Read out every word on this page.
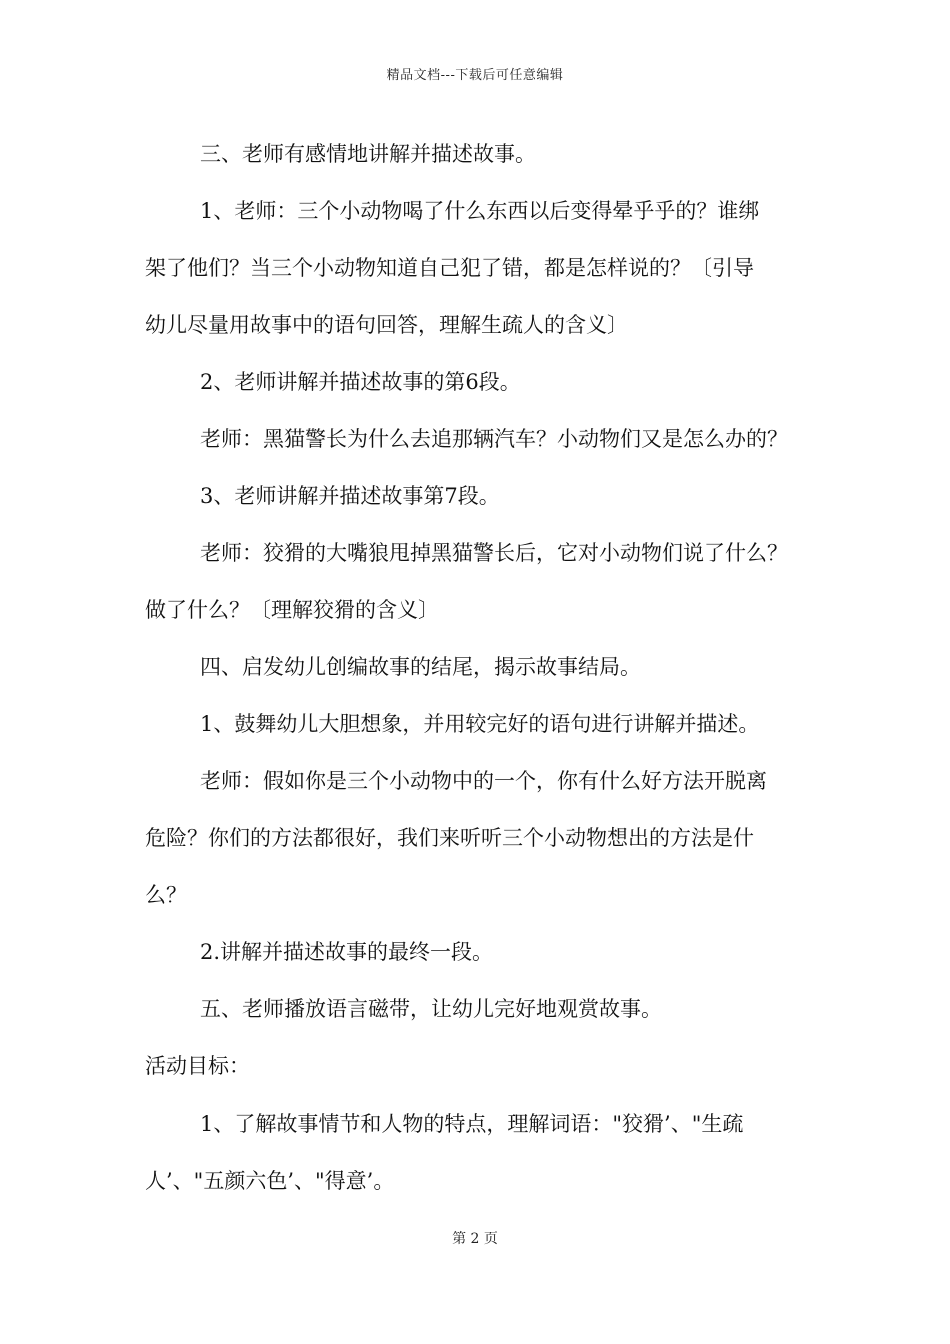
精品文档---下载后可任意编辑
三、老师有感情地讲解并描述故事。
1、老师：三个小动物喝了什么东西以后变得晕乎乎的？谁绑
架了他们？当三个小动物知道自己犯了错，都是怎样说的？〔引导
幼儿尽量用故事中的语句回答，理解生疏人的含义〕
2、老师讲解并描述故事的第6段。
老师：黑猫警长为什么去追那辆汽车？小动物们又是怎么办的？
3、老师讲解并描述故事第7段。
老师：狡猾的大嘴狼甩掉黑猫警长后，它对小动物们说了什么？
做了什么？〔理解狡猾的含义〕
四、启发幼儿创编故事的结尾，揭示故事结局。
1、鼓舞幼儿大胆想象，并用较完好的语句进行讲解并描述。
老师：假如你是三个小动物中的一个，你有什么好方法开脱离
危险？你们的方法都很好，我们来听听三个小动物想出的方法是什
么？
2.讲解并描述故事的最终一段。
五、老师播放语言磁带，让幼儿完好地观赏故事。
活动目标：
1、了解故事情节和人物的特点，理解词语："狡猾’、"生疏
人’、"五颜六色’、"得意’。
第 2 页
